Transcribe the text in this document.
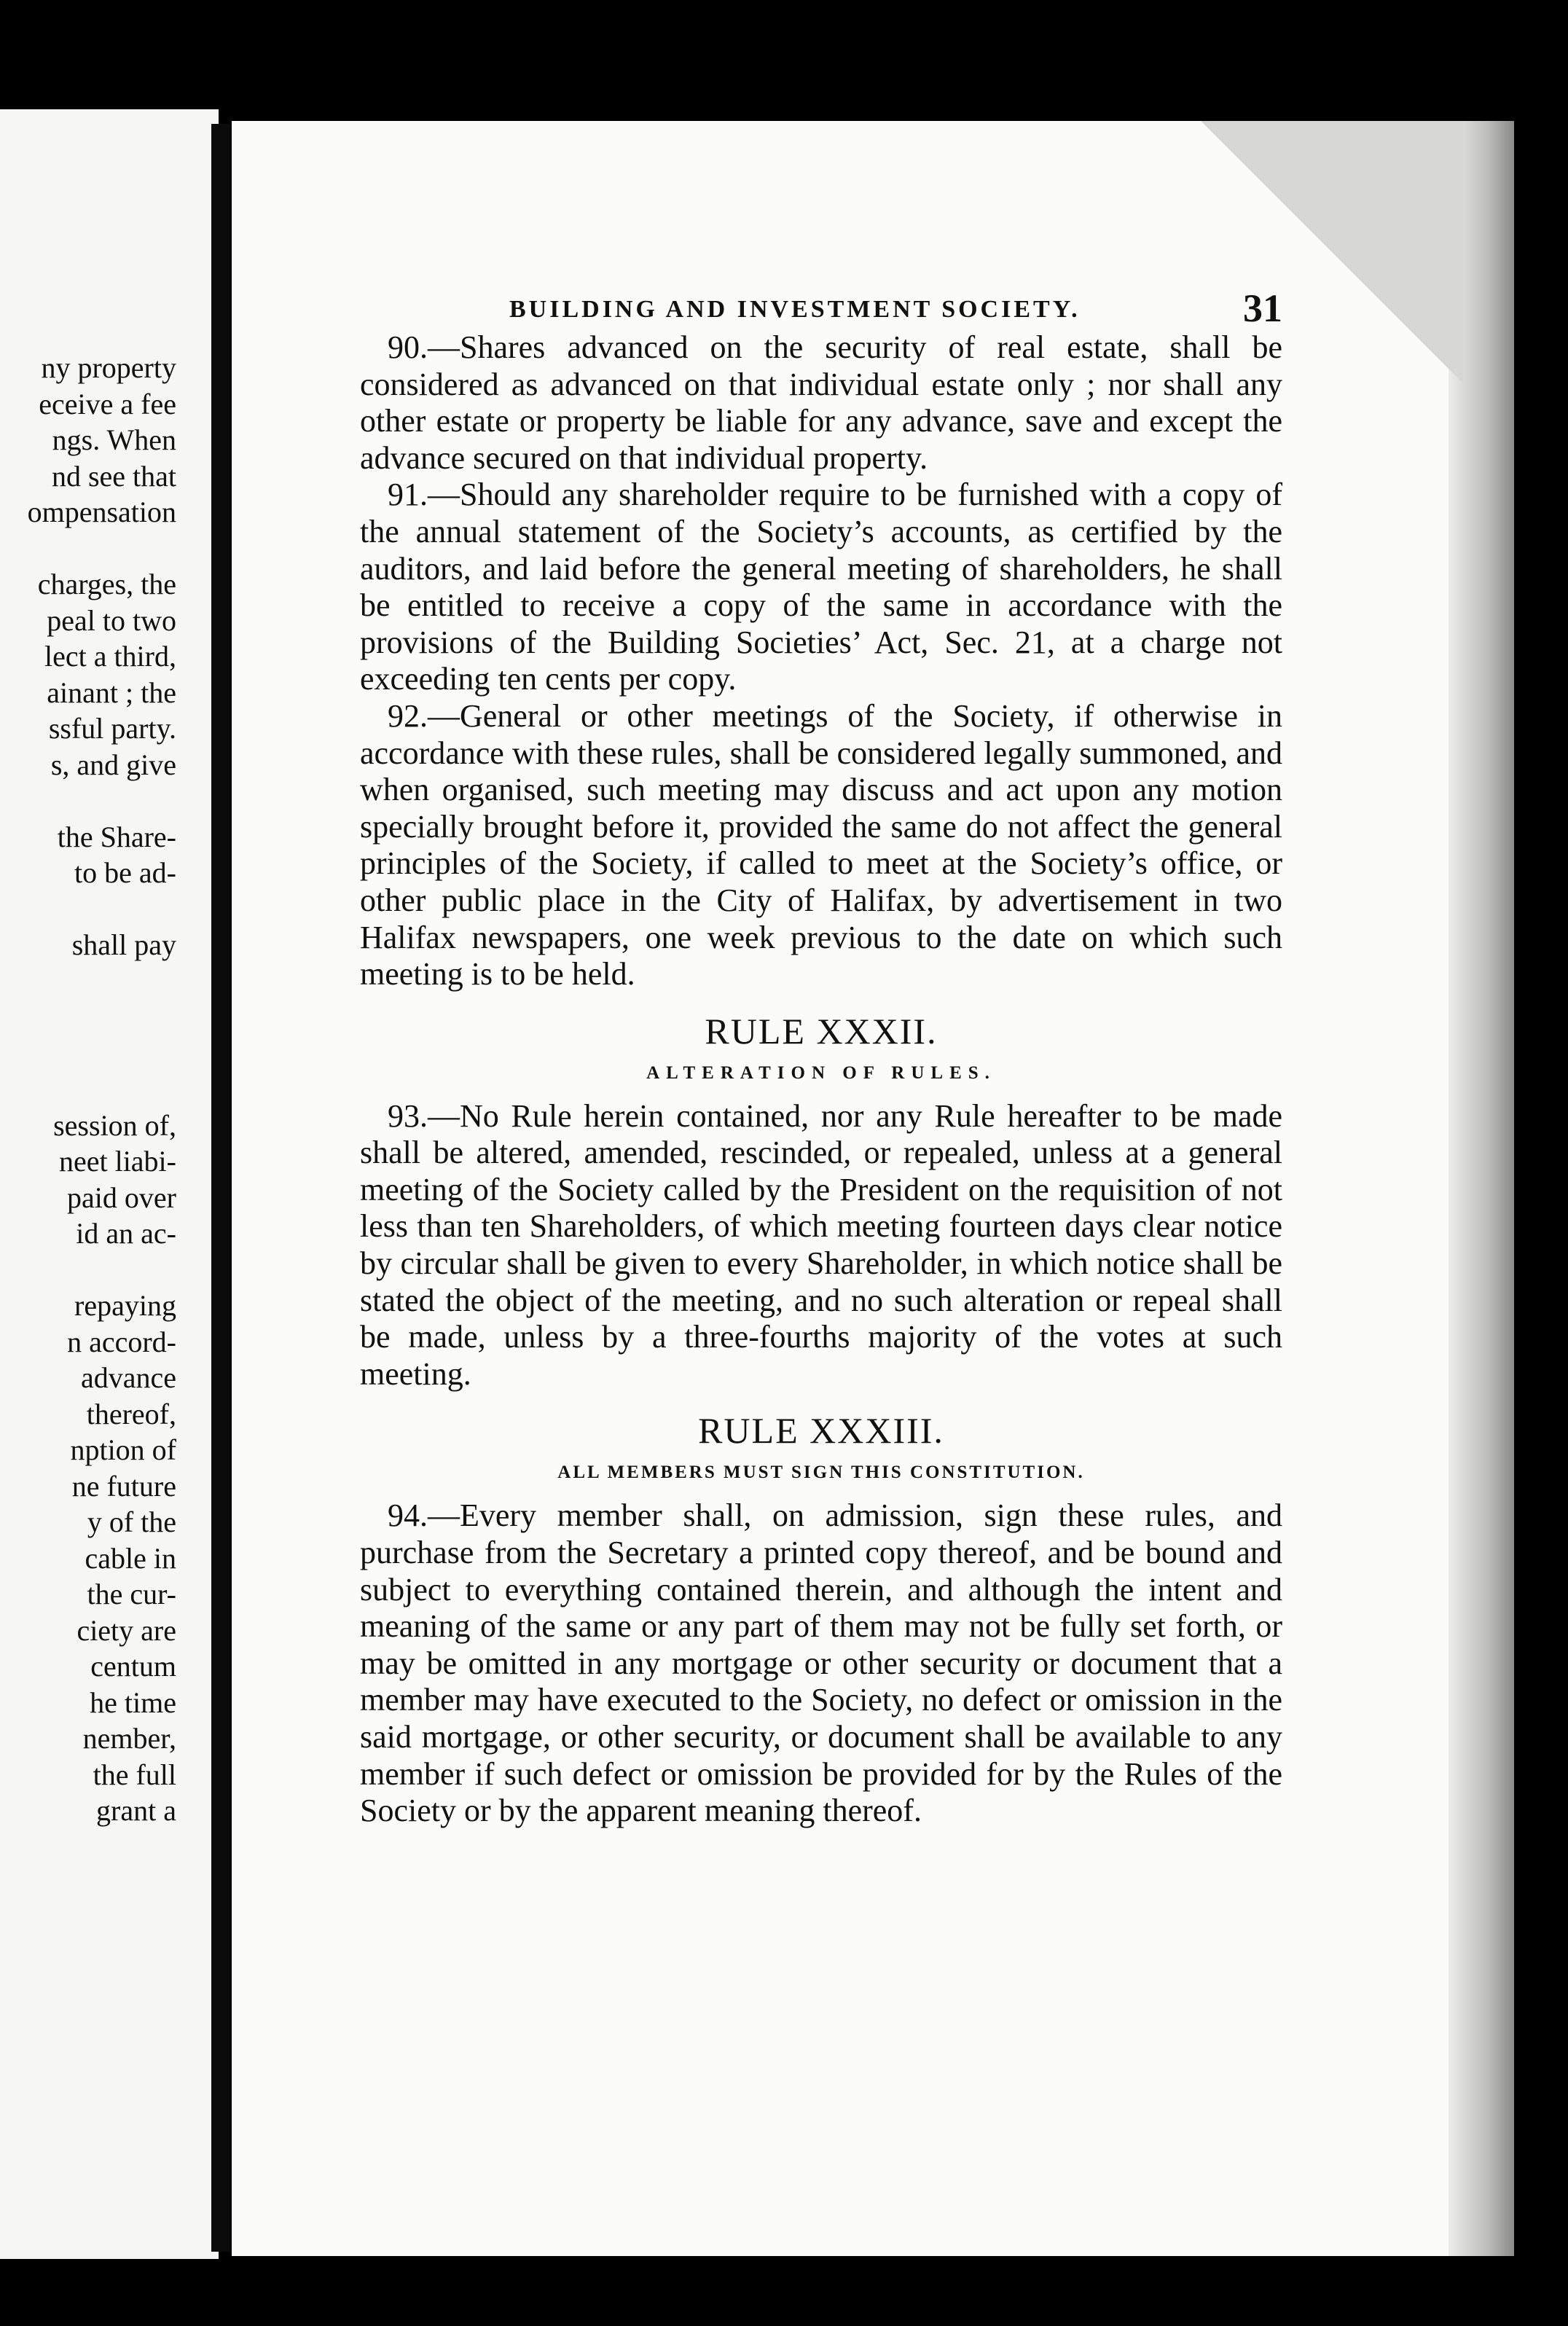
ny property
eceive a fee
ngs. When
nd see that
ompensation
charges, the
peal to two
lect a third,
ainant ; the
ssful party.
s, and give
the Share-
to be ad-
shall pay
session of,
neet liabi-
paid over
id an ac-
repaying
n accord-
advance
thereof,
nption of
ne future
y of the
cable in
the cur-
ciety are
centum
he time
nember,
the full
grant a
BUILDING AND INVESTMENT SOCIETY.	31

90.—Shares advanced on the security of real estate, shall be considered as advanced on that individual estate only ; nor shall any other estate or property be liable for any advance, save and except the advance secured on that individual property.

91.—Should any shareholder require to be furnished with a copy of the annual statement of the Society’s accounts, as certified by the auditors, and laid before the general meeting of shareholders, he shall be entitled to receive a copy of the same in accordance with the provisions of the Building Societies’ Act, Sec. 21, at a charge not exceeding ten cents per copy.

92.—General or other meetings of the Society, if otherwise in accordance with these rules, shall be considered legally summoned, and when organised, such meeting may discuss and act upon any motion specially brought before it, provided the same do not affect the general principles of the Society, if called to meet at the Society’s office, or other public place in the City of Halifax, by advertisement in two Halifax newspapers, one week previous to the date on which such meeting is to be held.

RULE XXXII.
ALTERATION OF RULES.

93.—No Rule herein contained, nor any Rule hereafter to be made shall be altered, amended, rescinded, or repealed, unless at a general meeting of the Society called by the President on the requisition of not less than ten Shareholders, of which meeting fourteen days clear notice by circular shall be given to every Shareholder, in which notice shall be stated the object of the meeting, and no such alteration or repeal shall be made, unless by a three-fourths majority of the votes at such meeting.

RULE XXXIII.
ALL MEMBERS MUST SIGN THIS CONSTITUTION.

94.—Every member shall, on admission, sign these rules, and purchase from the Secretary a printed copy thereof, and be bound and subject to everything contained therein, and although the intent and meaning of the same or any part of them may not be fully set forth, or may be omitted in any mortgage or other security or document that a member may have executed to the Society, no defect or omission in the said mortgage, or other security, or document shall be available to any member if such defect or omission be provided for by the Rules of the Society or by the apparent meaning thereof.
